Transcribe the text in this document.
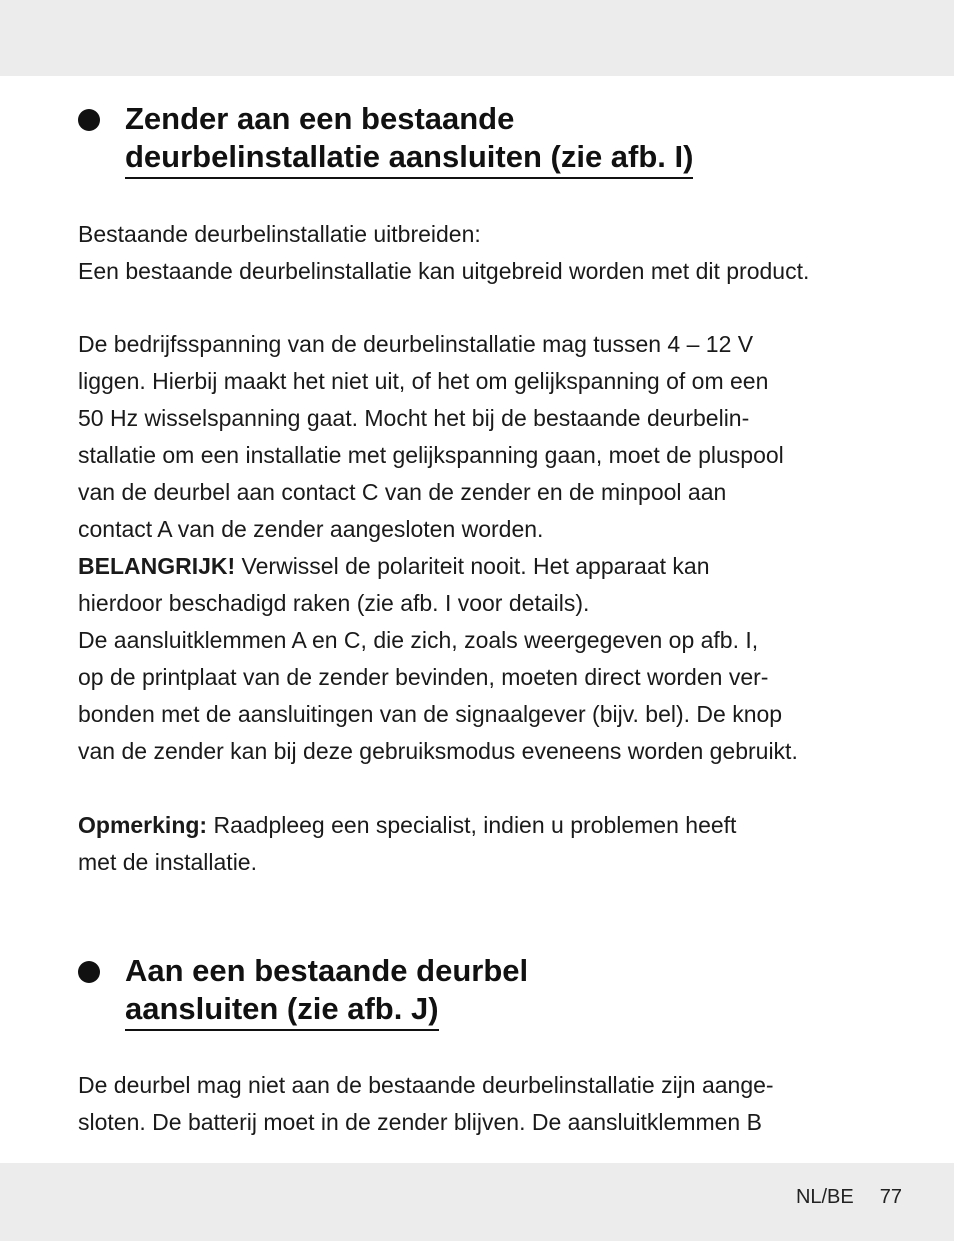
Zender aan een bestaande
deurbelinstallatie aansluiten (zie afb. I)
Bestaande deurbelinstallatie uitbreiden:
Een bestaande deurbelinstallatie kan uitgebreid worden met dit product.
De bedrijfsspanning van de deurbelinstallatie mag tussen 4 – 12 V
liggen. Hierbij maakt het niet uit, of het om gelijkspanning of om een
50 Hz wisselspanning gaat. Mocht het bij de bestaande deurbelin-
stallatie om een installatie met gelijkspanning gaan, moet de pluspool
van de deurbel aan contact C van de zender en de minpool aan
contact A van de zender aangesloten worden.
BELANGRIJK! Verwissel de polariteit nooit. Het apparaat kan
hierdoor beschadigd raken (zie afb. I voor details).
De aansluitklemmen A en C, die zich, zoals weergegeven op afb. I,
op de printplaat van de zender bevinden, moeten direct worden ver-
bonden met de aansluitingen van de signaalgever (bijv. bel). De knop
van de zender kan bij deze gebruiksmodus eveneens worden gebruikt.
Opmerking: Raadpleeg een specialist, indien u problemen heeft
met de installatie.
Aan een bestaande deurbel
aansluiten (zie afb. J)
De deurbel mag niet aan de bestaande deurbelinstallatie zijn aange-
sloten. De batterij moet in de zender blijven. De aansluitklemmen B
NL/BE 77
